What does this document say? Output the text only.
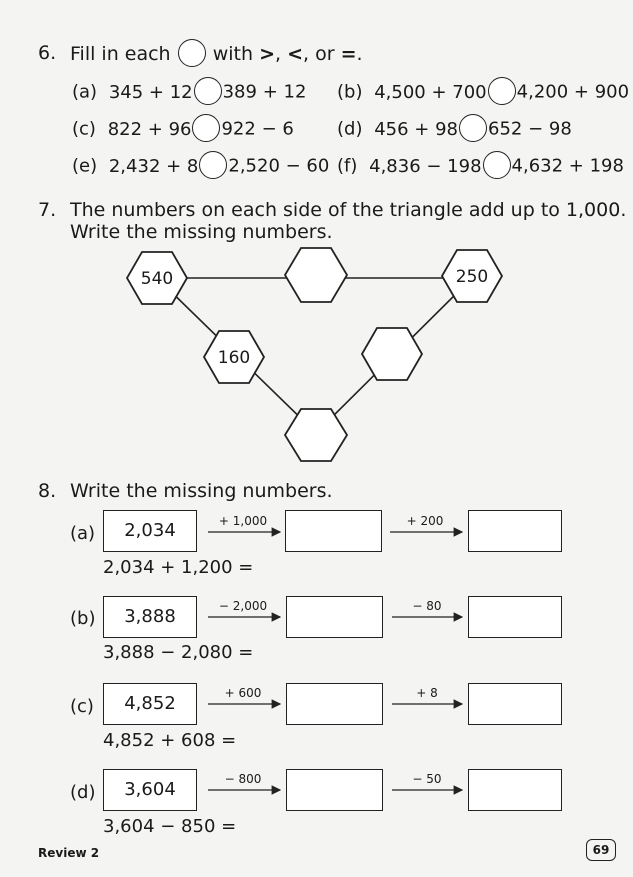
6. Fill in each with >, <, or =.
(a) 345 + 12 389 + 12 (b) 4,500 + 700 4,200 + 900
(c) 822 + 96 922 − 6 (d) 456 + 98 652 − 98
(e) 2,432 + 8 2,520 − 60 (f) 4,836 − 198 4,632 + 198
7. The numbers on each side of the triangle add up to 1,000.
Write the missing numbers.
540	250
160
8. Write the missing numbers.
(a)	2,034	+ 1,000	+ 200
2,034 + 1,200 =
(b)	3,888	− 2,000	− 80
3,888 − 2,080 =
(c)	4,852	+ 600	+ 8
4,852 + 608 =
(d)	3,604	− 800	− 50
3,604 − 850 =
Review 2	69
